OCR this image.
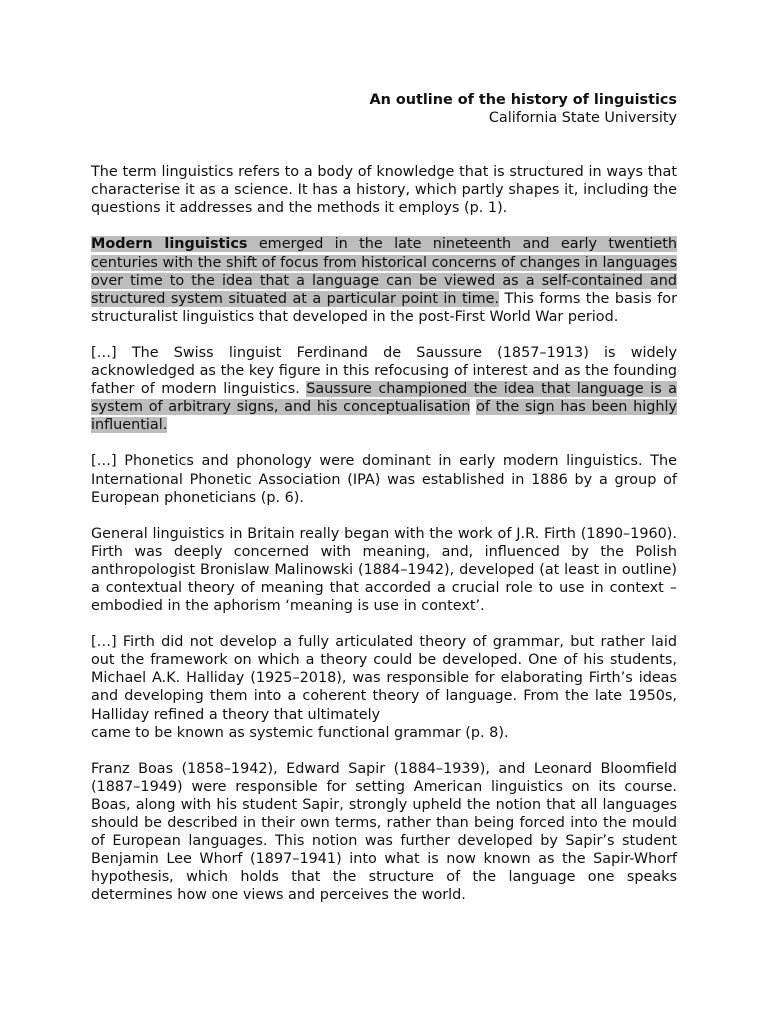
An outline of the history of linguistics
California State University

The term linguistics refers to a body of knowledge that is structured in ways that characterise it as a science. It has a history, which partly shapes it, including the questions it addresses and the methods it employs (p. 1).

Modern linguistics emerged in the late nineteenth and early twentieth centuries with the shift of focus from historical concerns of changes in languages over time to the idea that a language can be viewed as a self-contained and structured system situated at a particular point in time. This forms the basis for structuralist linguistics that developed in the post-First World War period.

[…] The Swiss linguist Ferdinand de Saussure (1857–1913) is widely acknowledged as the key figure in this refocusing of interest and as the founding father of modern linguistics. Saussure championed the idea that language is a system of arbitrary signs, and his conceptualisation of the sign has been highly influential.

[…] Phonetics and phonology were dominant in early modern linguistics. The International Phonetic Association (IPA) was established in 1886 by a group of European phoneticians (p. 6).

General linguistics in Britain really began with the work of J.R. Firth (1890–1960). Firth was deeply concerned with meaning, and, influenced by the Polish anthropologist Bronislaw Malinowski (1884–1942), developed (at least in outline) a contextual theory of meaning that accorded a crucial role to use in context – embodied in the aphorism ‘meaning is use in context’.

[…] Firth did not develop a fully articulated theory of grammar, but rather laid out the framework on which a theory could be developed. One of his students, Michael A.K. Halliday (1925–2018), was responsible for elaborating Firth’s ideas and developing them into a coherent theory of language. From the late 1950s, Halliday refined a theory that ultimately
came to be known as systemic functional grammar (p. 8).

Franz Boas (1858–1942), Edward Sapir (1884–1939), and Leonard Bloomfield (1887–1949) were responsible for setting American linguistics on its course. Boas, along with his student Sapir, strongly upheld the notion that all languages should be described in their own terms, rather than being forced into the mould of European languages. This notion was further developed by Sapir’s student Benjamin Lee Whorf (1897–1941) into what is now known as the Sapir-Whorf hypothesis, which holds that the structure of the language one speaks determines how one views and perceives the world.
